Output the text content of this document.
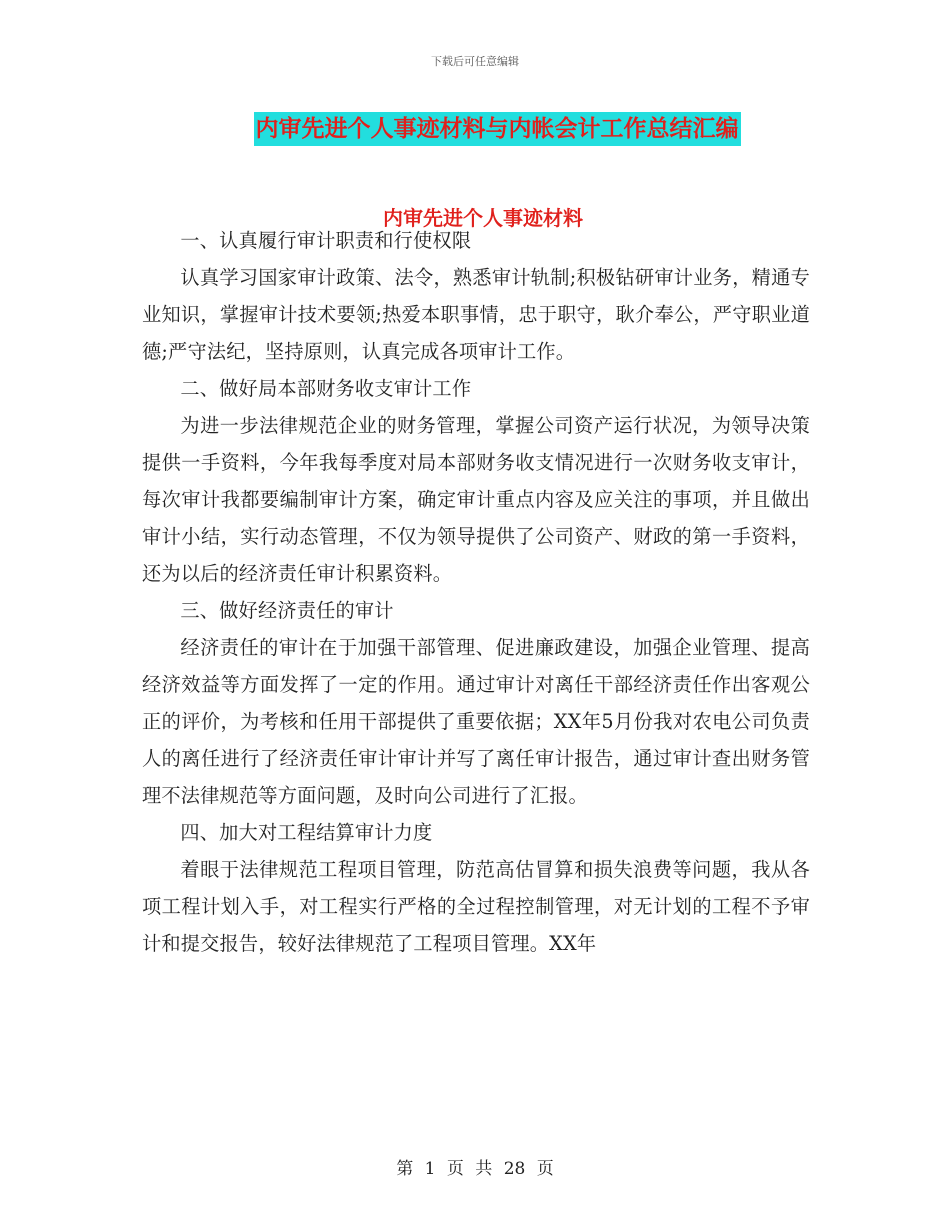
下载后可任意编辑
内审先进个人事迹材料与内帐会计工作总结汇编
内审先进个人事迹材料

一、认真履行审计职责和行使权限

认真学习国家审计政策、法令，熟悉审计轨制;积极钻研审计业务，精通专业知识，掌握审计技术要领;热爱本职事情，忠于职守，耿介奉公，严守职业道德;严守法纪，坚持原则，认真完成各项审计工作。

二、做好局本部财务收支审计工作

为进一步法律规范企业的财务管理，掌握公司资产运行状况，为领导决策提供一手资料，今年我每季度对局本部财务收支情况进行一次财务收支审计，每次审计我都要编制审计方案，确定审计重点内容及应关注的事项，并且做出审计小结，实行动态管理，不仅为领导提供了公司资产、财政的第一手资料，还为以后的经济责任审计积累资料。

三、做好经济责任的审计

经济责任的审计在于加强干部管理、促进廉政建设，加强企业管理、提高经济效益等方面发挥了一定的作用。通过审计对离任干部经济责任作出客观公正的评价，为考核和任用干部提供了重要依据；XX年5月份我对农电公司负责人的离任进行了经济责任审计审计并写了离任审计报告，通过审计查出财务管理不法律规范等方面问题，及时向公司进行了汇报。

四、加大对工程结算审计力度

着眼于法律规范工程项目管理，防范高估冒算和损失浪费等问题，我从各项工程计划入手，对工程实行严格的全过程控制管理，对无计划的工程不予审计和提交报告，较好法律规范了工程项目管理。XX年

第 1 页 共 28 页
